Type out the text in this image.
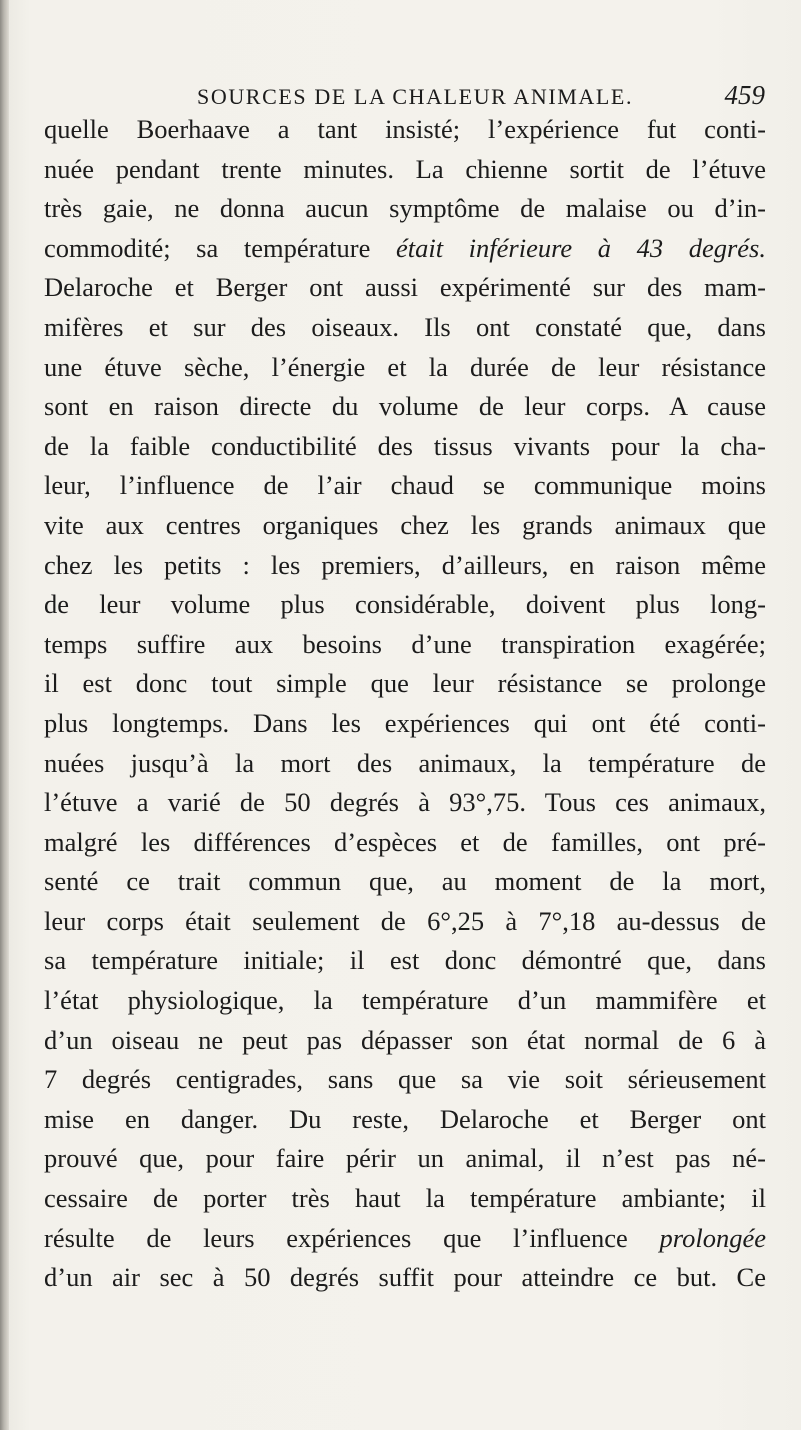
SOURCES DE LA CHALEUR ANIMALE.	459
quelle Boerhaave a tant insisté; l’expérience fut conti-
nuée pendant trente minutes. La chienne sortit de l’étuve
très gaie, ne donna aucun symptôme de malaise ou d’in-
commodité; sa température était inférieure à 43 degrés.
Delaroche et Berger ont aussi expérimenté sur des mam-
mifères et sur des oiseaux. Ils ont constaté que, dans
une étuve sèche, l’énergie et la durée de leur résistance
sont en raison directe du volume de leur corps. A cause
de la faible conductibilité des tissus vivants pour la cha-
leur, l’influence de l’air chaud se communique moins
vite aux centres organiques chez les grands animaux que
chez les petits : les premiers, d’ailleurs, en raison même
de leur volume plus considérable, doivent plus long-
temps suffire aux besoins d’une transpiration exagérée;
il est donc tout simple que leur résistance se prolonge
plus longtemps. Dans les expériences qui ont été conti-
nuées jusqu’à la mort des animaux, la température de
l’étuve a varié de 50 degrés à 93°,75. Tous ces animaux,
malgré les différences d’espèces et de familles, ont pré-
senté ce trait commun que, au moment de la mort,
leur corps était seulement de 6°,25 à 7°,18 au-dessus de
sa température initiale; il est donc démontré que, dans
l’état physiologique, la température d’un mammifère et
d’un oiseau ne peut pas dépasser son état normal de 6 à
7 degrés centigrades, sans que sa vie soit sérieusement
mise en danger. Du reste, Delaroche et Berger ont
prouvé que, pour faire périr un animal, il n’est pas né-
cessaire de porter très haut la température ambiante; il
résulte de leurs expériences que l’influence prolongée
d’un air sec à 50 degrés suffit pour atteindre ce but. Ce
